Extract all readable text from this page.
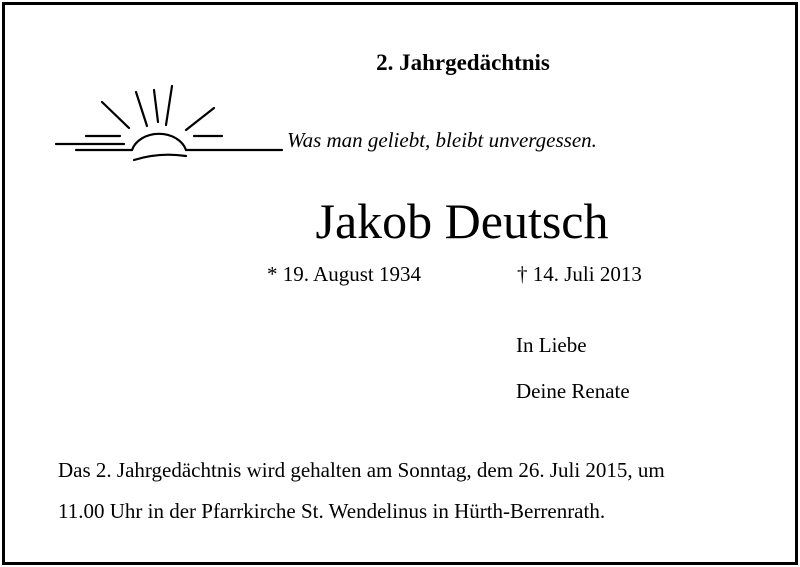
2. Jahrgedächtnis
Was man geliebt, bleibt unvergessen.
Jakob Deutsch
* 19. August 1934	† 14. Juli 2013
In Liebe
Deine Renate
Das 2. Jahrgedächtnis wird gehalten am Sonntag, dem 26. Juli 2015, um
11.00 Uhr in der Pfarrkirche St. Wendelinus in Hürth-Berrenrath.
